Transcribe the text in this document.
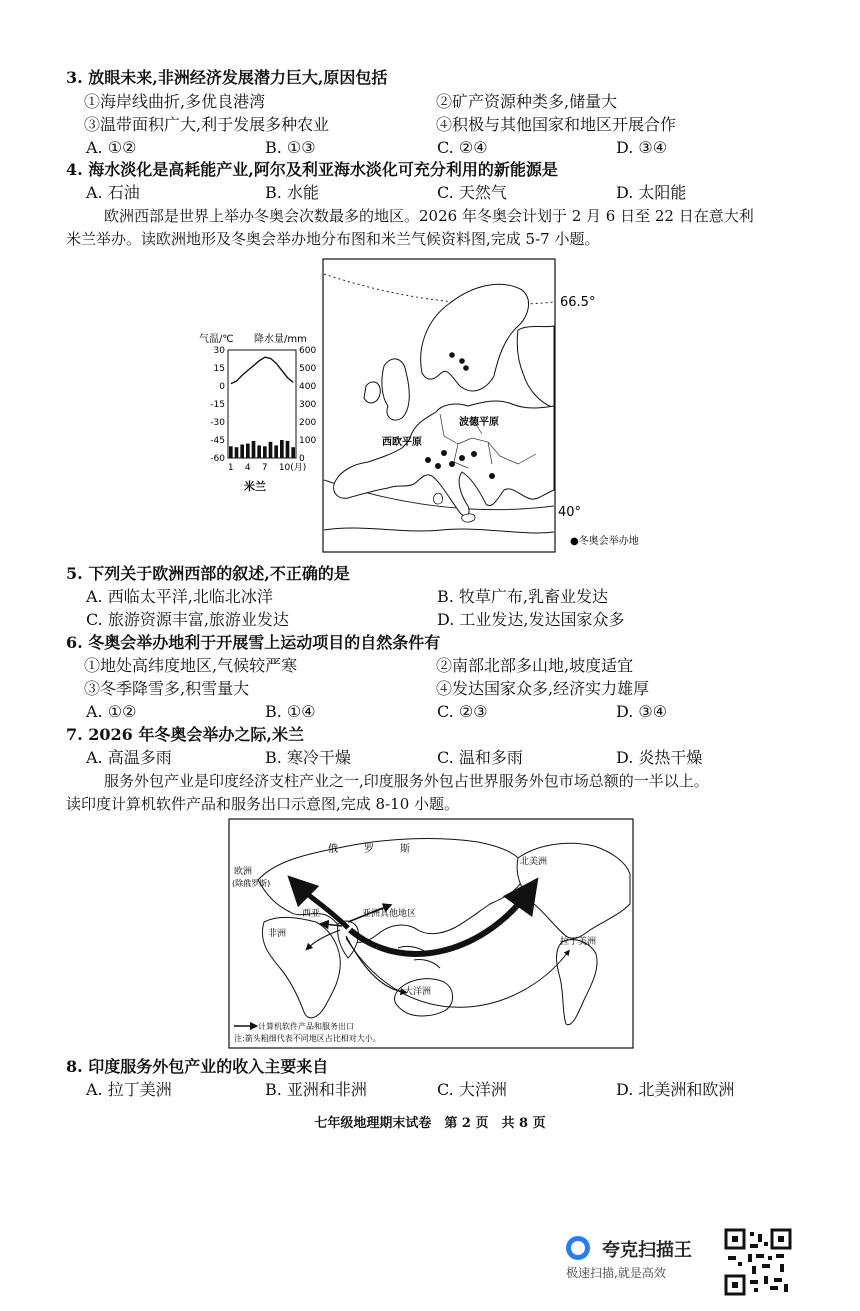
3. 放眼未来,非洲经济发展潜力巨大,原因包括
①海岸线曲折,多优良港湾	②矿产资源种类多,储量大
③温带面积广大,利于发展多种农业	④积极与其他国家和地区开展合作
A. ①②	B. ①③	C. ②④	D. ③④
4. 海水淡化是高耗能产业,阿尔及利亚海水淡化可充分利用的新能源是
A. 石油	B. 水能	C. 天然气	D. 太阳能
欧洲西部是世界上举办冬奥会次数最多的地区。2026 年冬奥会计划于 2 月 6 日至 22 日在意大利
米兰举办。读欧洲地形及冬奥会举办地分布图和米兰气候资料图,完成 5-7 小题。
气温/℃ 降水量/mm
30
15
0
-15
-30
-45
-60
600
500
400
300
200
100
0
1 4 7 10(月)
米兰
波德平原
西欧平原
66.5°
40°
●冬奥会举办地
5. 下列关于欧洲西部的叙述,不正确的是
A. 西临太平洋,北临北冰洋	B. 牧草广布,乳畜业发达
C. 旅游资源丰富,旅游业发达	D. 工业发达,发达国家众多
6. 冬奥会举办地利于开展雪上运动项目的自然条件有
①地处高纬度地区,气候较严寒	②南部北部多山地,坡度适宜
③冬季降雪多,积雪量大	④发达国家众多,经济实力雄厚
A. ①②	B. ①④	C. ②③	D. ③④
7. 2026 年冬奥会举办之际,米兰
A. 高温多雨	B. 寒冷干燥	C. 温和多雨	D. 炎热干燥
服务外包产业是印度经济支柱产业之一,印度服务外包占世界服务外包市场总额的一半以上。
读印度计算机软件产品和服务出口示意图,完成 8-10 小题。
俄	罗	斯
欧洲
(除俄罗斯)
西亚
非洲
亚洲其他地区
北美洲
拉丁美洲
大洋洲
计算机软件产品和服务出口
注:箭头粗细代表不同地区占比相对大小。
8. 印度服务外包产业的收入主要来自
A. 拉丁美洲	B. 亚洲和非洲	C. 大洋洲	D. 北美洲和欧洲
七年级地理期末试卷　第 2 页　共 8 页
夸克扫描王
极速扫描,就是高效
